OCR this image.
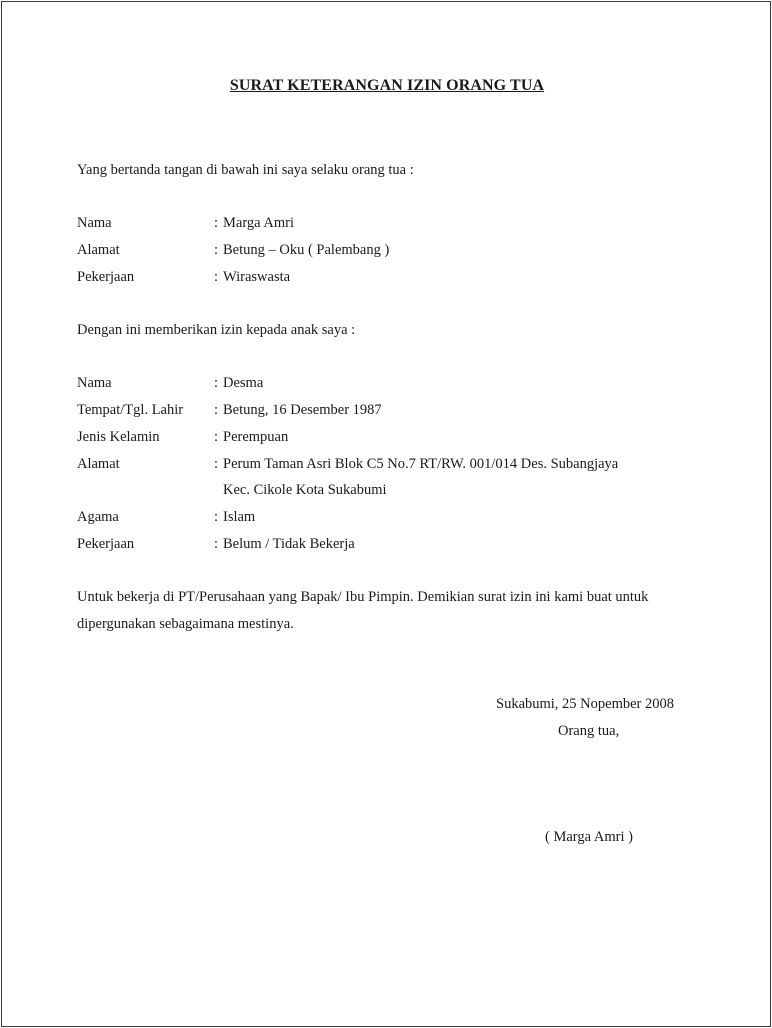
SURAT KETERANGAN IZIN ORANG TUA
Yang bertanda tangan di bawah ini saya selaku orang tua :
Nama	: Marga Amri
Alamat	: Betung – Oku ( Palembang )
Pekerjaan	: Wiraswasta
Dengan ini memberikan izin kepada anak saya :
Nama	: Desma
Tempat/Tgl. Lahir : Betung, 16 Desember 1987
Jenis Kelamin	: Perempuan
Alamat	: Perum Taman Asri Blok C5 No.7 RT/RW. 001/014 Des. Subangjaya
Kec. Cikole Kota Sukabumi
Agama	: Islam
Pekerjaan	: Belum / Tidak Bekerja
Untuk bekerja di PT/Perusahaan yang Bapak/ Ibu Pimpin. Demikian surat izin ini kami buat untuk
dipergunakan sebagaimana mestinya.
Sukabumi, 25 Nopember 2008
Orang tua,
( Marga Amri )
